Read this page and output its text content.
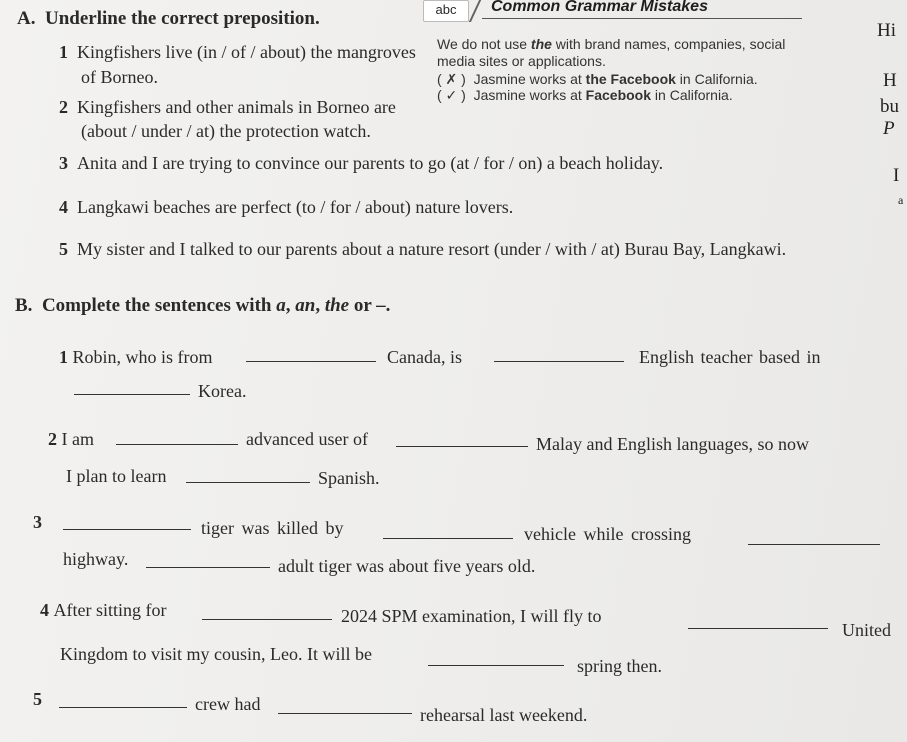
A. Underline the correct preposition.	abc	Common Grammar Mistakes
We do not use the with brand names, companies, social
media sites or applications.
( ✗ ) Jasmine works at the Facebook in California.
( ✓ ) Jasmine works at Facebook in California.
Hi
H
bu
P
I
a
1 Kingfishers live (in / of / about) the mangroves
of Borneo.
2 Kingfishers and other animals in Borneo are
(about / under / at) the protection watch.
3 Anita and I are trying to convince our parents to go (at / for / on) a beach holiday.
4 Langkawi beaches are perfect (to / for / about) nature lovers.
5 My sister and I talked to our parents about a nature resort (under / with / at) Burau Bay, Langkawi.
B. Complete the sentences with a, an, the or –.
1 Robin, who is from	Canada, is	English teacher based in
Korea.
2 I am	advanced user of	Malay and English languages, so now
I plan to learn	Spanish.
3	tiger was killed by	vehicle while crossing
highway.	adult tiger was about five years old.
4 After sitting for	2024 SPM examination, I will fly to
United
Kingdom to visit my cousin, Leo. It will be
spring then.
5	crew had
rehearsal last weekend.
